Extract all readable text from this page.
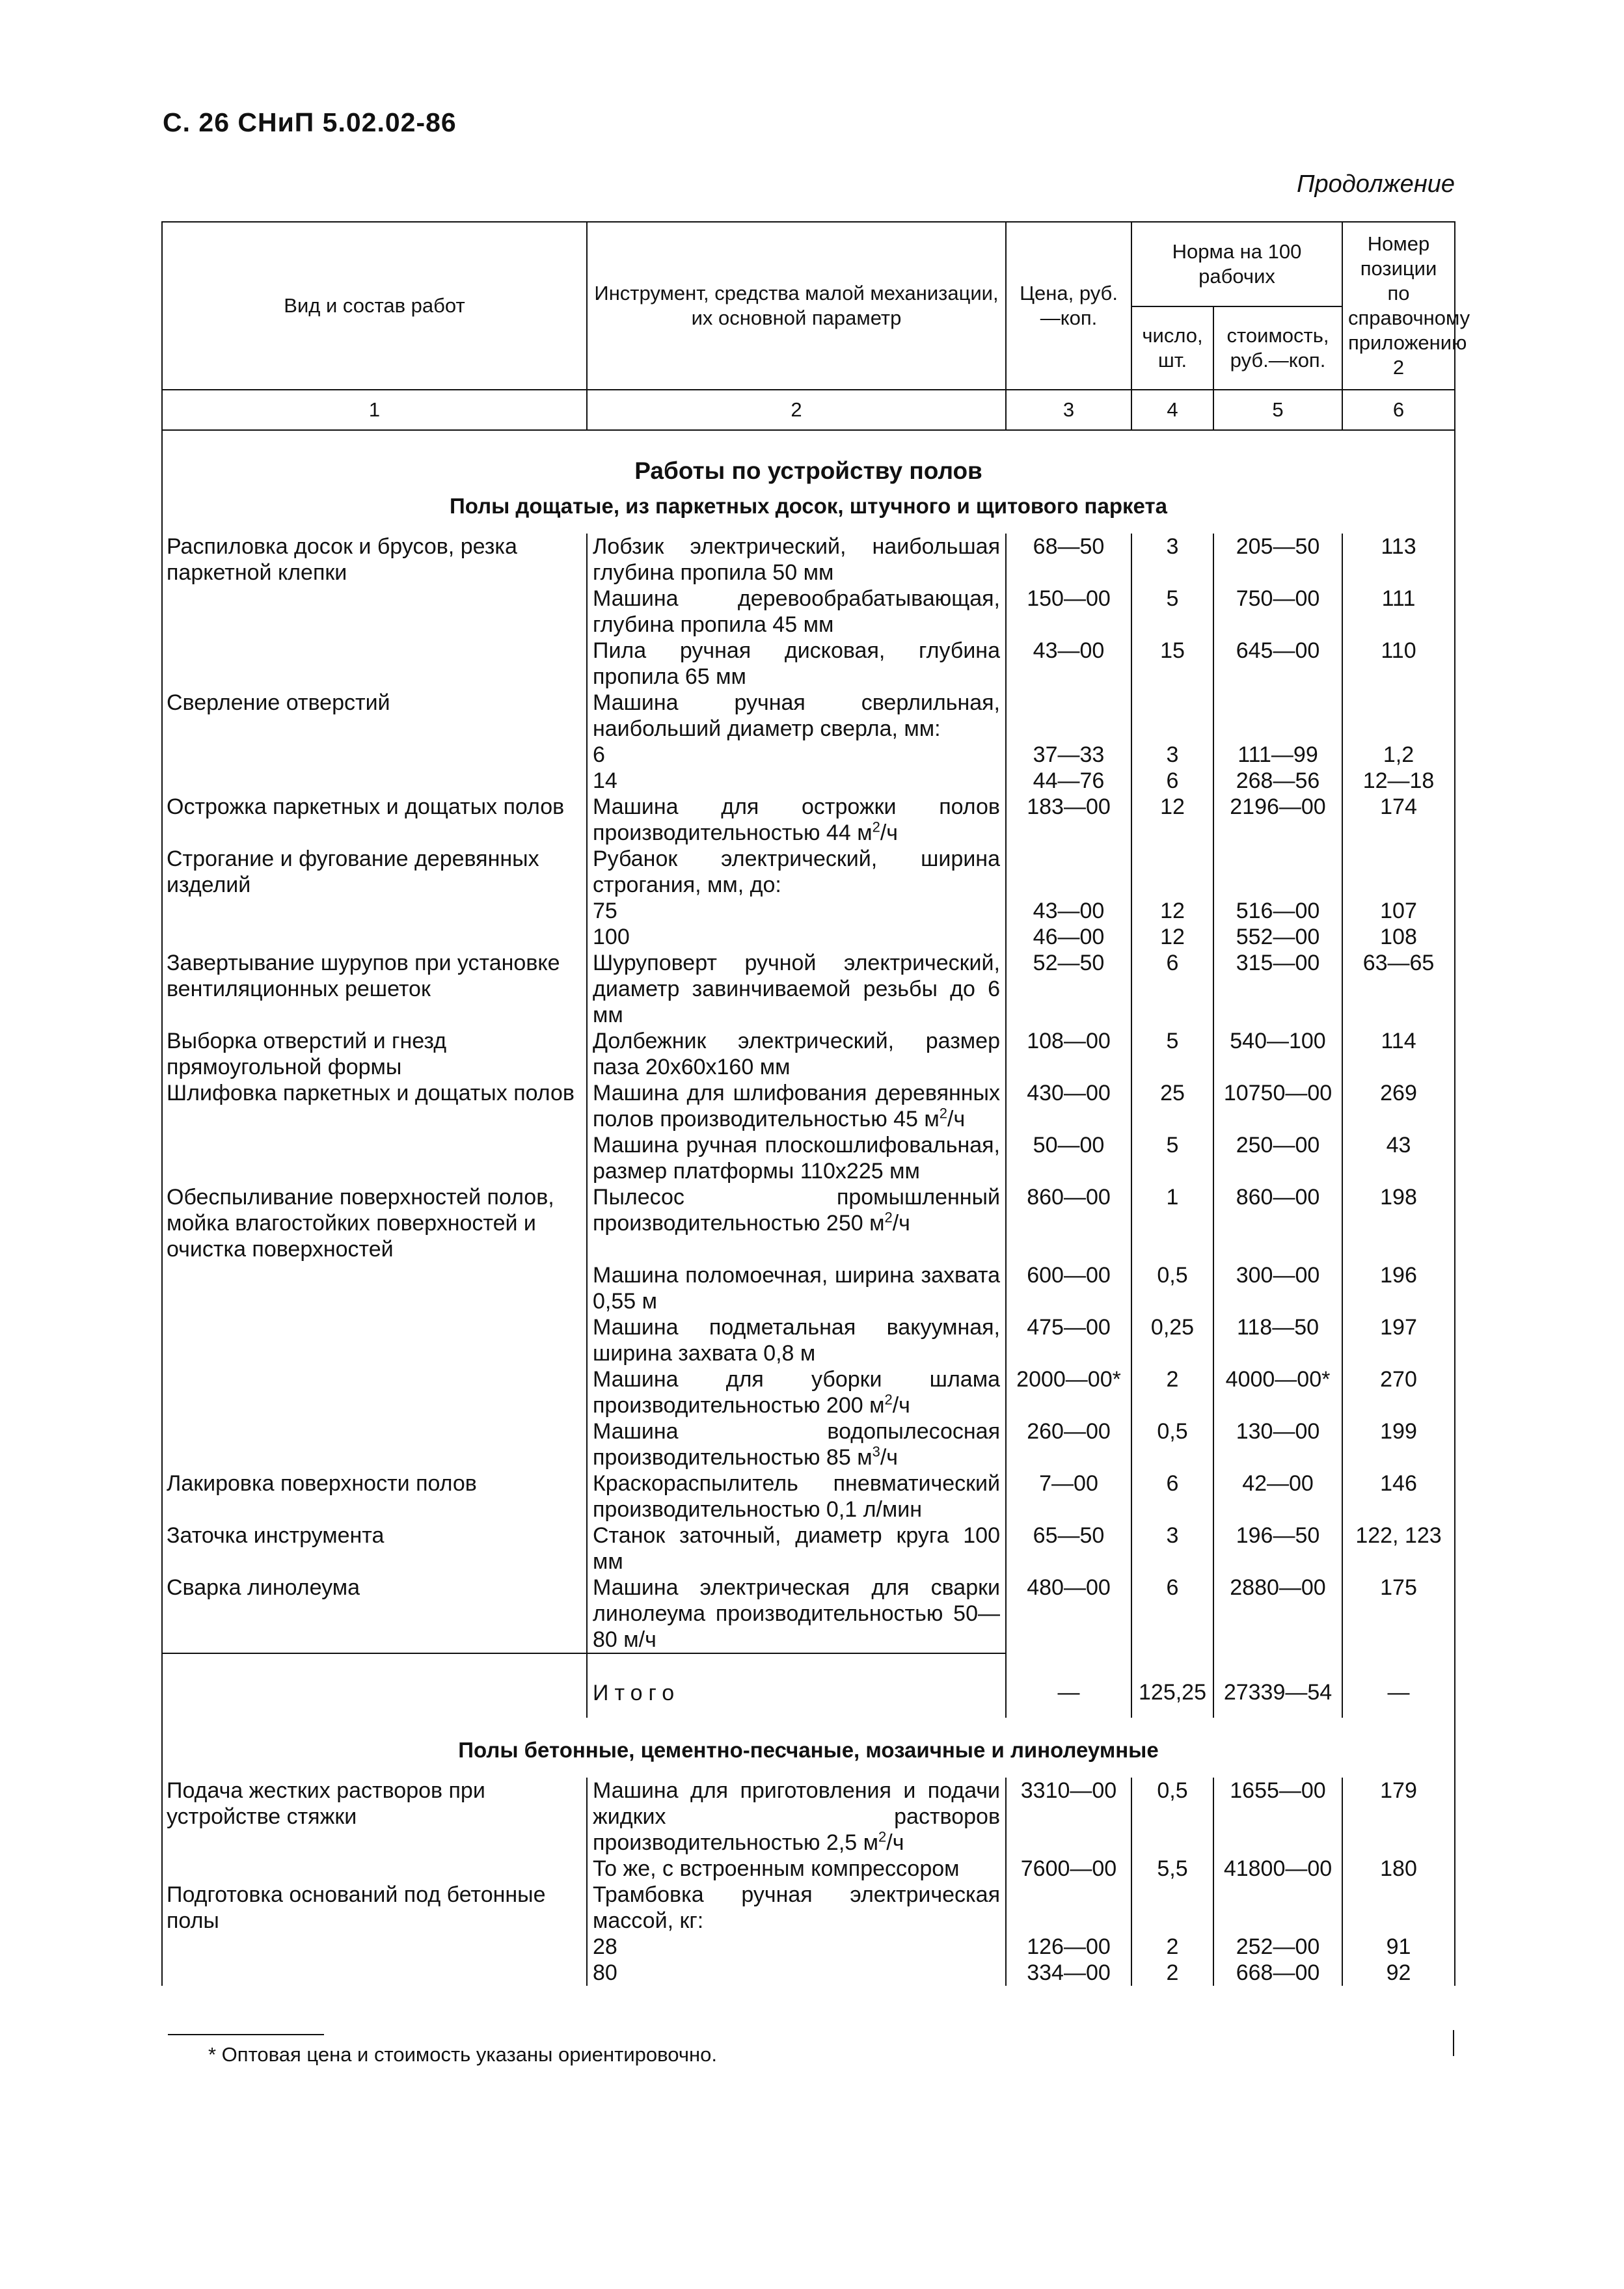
С. 26 СНиП 5.02.02-86
Продолжение
Вид и состав работ	Инструмент, средства малой механизации, их основной параметр	Цена, руб.—коп.	Норма на 100 рабочих		Номер позиции по справочному приложению 2
			число, шт.	стоимость, руб.—коп.	
1	2	3	4	5	6
Работы по устройству полов					
Полы дощатые, из паркетных досок, штучного и щитового паркета					
Распиловка досок и брусов, резка паркетной клепки	Лобзик электрический, наибольшая глубина пропила 50 мм	68—50	3	205—50	113
	Машина деревообрабатывающая, глубина пропила 45 мм	150—00	5	750—00	111
	Пила ручная дисковая, глубина пропила 65 мм	43—00	15	645—00	110
Сверление отверстий	Машина ручная сверлильная, наибольший диаметр сверла, мм:				
	6	37—33	3	111—99	1,2
	14	44—76	6	268—56	12—18
Острожка паркетных и дощатых полов	Машина для острожки полов производительностью 44 $м^2/ч$	183—00	12	2196—00	174
Строгание и фугование деревянных изделий	Рубанок электрический, ширина строгания, мм, до:				
	75	43—00	12	516—00	107
	100	46—00	12	552—00	108
Завертывание шурупов при установке вентиляционных решеток	Шуруповерт ручной электрический, диаметр завинчиваемой резьбы до 6 мм	52—50	6	315—00	63—65
Выборка отверстий и гнезд прямоугольной формы	Долбежник электрический, размер паза 20х60х160 мм	108—00	5	540—100	114
Шлифовка паркетных и дощатых полов	Машина для шлифования деревянных полов производительностью 45 $м^2/ч$	430—00	25	10750—00	269
	Машина ручная плоскошлифовальная, размер платформы 110х225 мм	50—00	5	250—00	43
Обеспыливание поверхностей полов, мойка влагостойких поверхностей и очистка поверхностей	Пылесос промышленный производительностью 250 $м^2/ч$	860—00	1	860—00	198
	Машина поломоечная, ширина захвата 0,55 м	600—00	0,5	300—00	196
	Машина подметальная вакуумная, ширина захвата 0,8 м	475—00	0,25	118—50	197
	Машина для уборки шлама производительностью 200 $м^2/ч$	2000—00*	2	4000—00*	270
	Машина водопылесосная производительностью 85 $м^3/ч$	260—00	0,5	130—00	199
Лакировка поверхности полов	Краскораспылитель пневматический производительностью 0,1 л/мин	7—00	6	42—00	146
Заточка инструмента	Станок заточный, диаметр круга 100 мм	65—50	3	196—50	122, 123
Сварка линолеума	Машина электрическая для сварки линолеума производительностью 50—80 м/ч	480—00	6	2880—00	175
	Итого	—	125,25	27339—54	—
Полы бетонные, цементно-песчаные, мозаичные и линолеумные					
Подача жестких растворов при устройстве стяжки	Машина для приготовления и подачи жидких растворов производительностью 2,5 $м^2/ч$	3310—00	0,5	1655—00	179
	То же, с встроенным компрессором	7600—00	5,5	41800—00	180
Подготовка оснований под бетонные полы	Трамбовка ручная электрическая массой, кг:				
	28	126—00	2	252—00	91
	80	334—00	2	668—00	92
* Оптовая цена и стоимость указаны ориентировочно.
